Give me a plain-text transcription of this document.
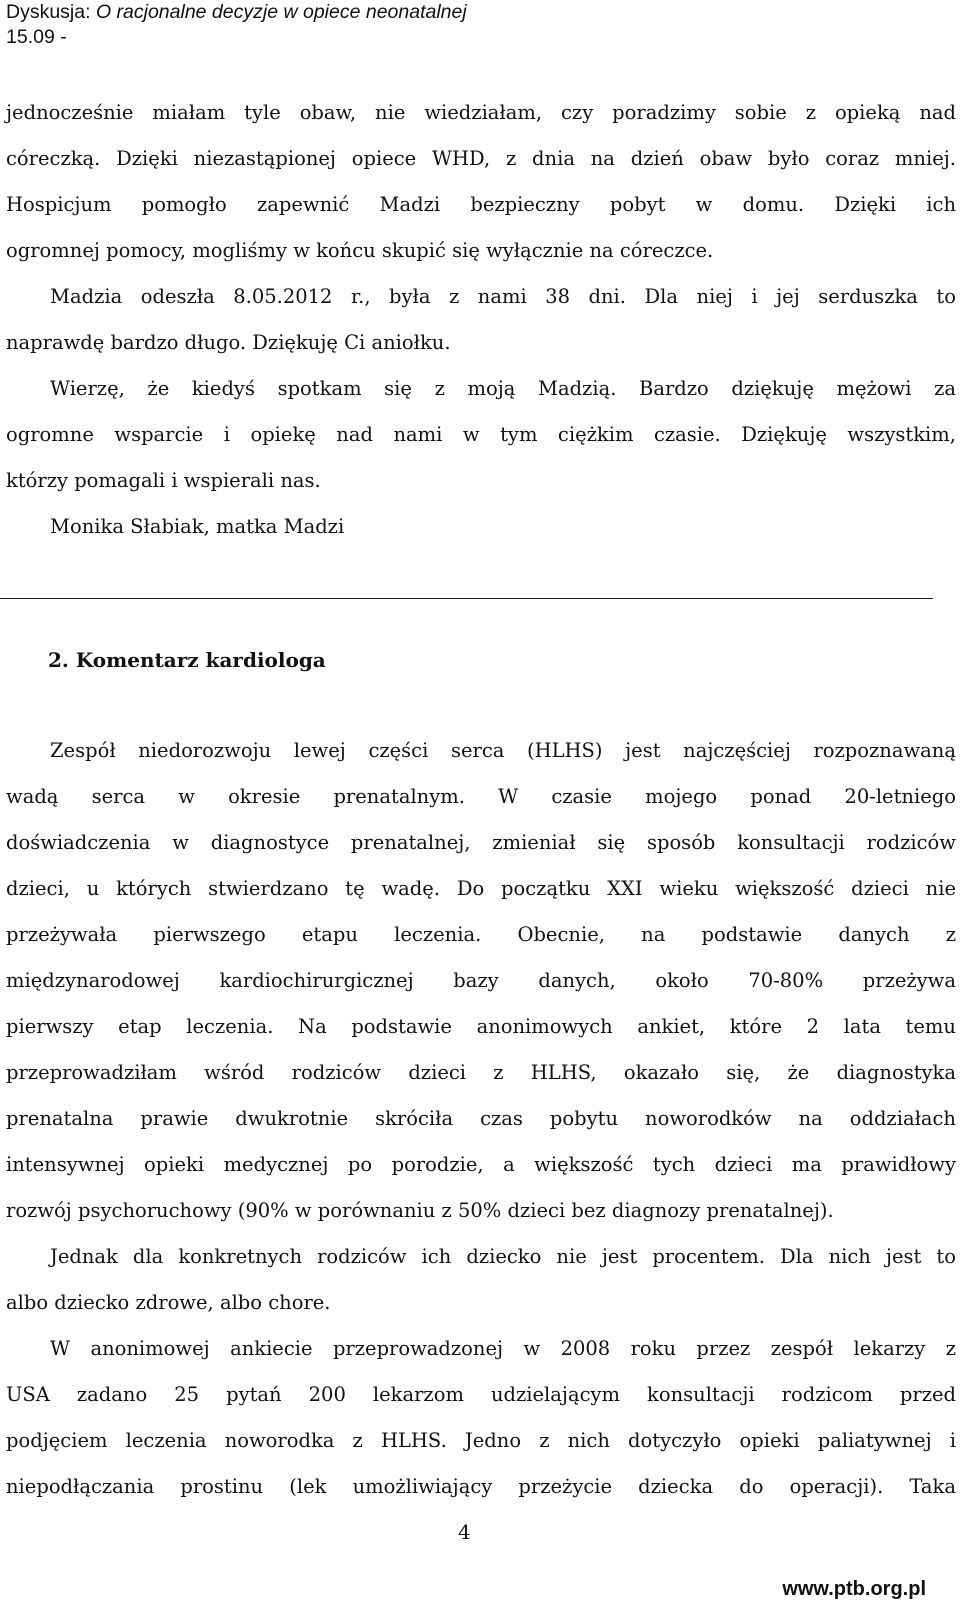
Dyskusja: O racjonalne decyzje w opiece neonatalnej
15.09 -
jednocześnie miałam tyle obaw, nie wiedziałam, czy poradzimy sobie z opieką nad
córeczką. Dzięki niezastąpionej opiece WHD, z dnia na dzień obaw było coraz mniej.
Hospicjum pomogło zapewnić Madzi bezpieczny pobyt w domu. Dzięki ich
ogromnej pomocy, mogliśmy w końcu skupić się wyłącznie na córeczce.
Madzia odeszła 8.05.2012 r., była z nami 38 dni. Dla niej i jej serduszka to
naprawdę bardzo długo. Dziękuję Ci aniołku.
Wierzę, że kiedyś spotkam się z moją Madzią. Bardzo dziękuję mężowi za
ogromne wsparcie i opiekę nad nami w tym ciężkim czasie. Dziękuję wszystkim,
którzy pomagali i wspierali nas.
Monika Słabiak, matka Madzi
2. Komentarz kardiologa
Zespół niedorozwoju lewej części serca (HLHS) jest najczęściej rozpoznawaną
wadą serca w okresie prenatalnym. W czasie mojego ponad 20-letniego
doświadczenia w diagnostyce prenatalnej, zmieniał się sposób konsultacji rodziców
dzieci, u których stwierdzano tę wadę. Do początku XXI wieku większość dzieci nie
przeżywała pierwszego etapu leczenia. Obecnie, na podstawie danych z
międzynarodowej kardiochirurgicznej bazy danych, około 70-80% przeżywa
pierwszy etap leczenia. Na podstawie anonimowych ankiet, które 2 lata temu
przeprowadziłam wśród rodziców dzieci z HLHS, okazało się, że diagnostyka
prenatalna prawie dwukrotnie skróciła czas pobytu noworodków na oddziałach
intensywnej opieki medycznej po porodzie, a większość tych dzieci ma prawidłowy
rozwój psychoruchowy (90% w porównaniu z 50% dzieci bez diagnozy prenatalnej).
Jednak dla konkretnych rodziców ich dziecko nie jest procentem. Dla nich jest to
albo dziecko zdrowe, albo chore.
W anonimowej ankiecie przeprowadzonej w 2008 roku przez zespół lekarzy z
USA zadano 25 pytań 200 lekarzom udzielającym konsultacji rodzicom przed
podjęciem leczenia noworodka z HLHS. Jedno z nich dotyczyło opieki paliatywnej i
niepodłączania prostinu (lek umożliwiający przeżycie dziecka do operacji). Taka
4
www.ptb.org.pl
